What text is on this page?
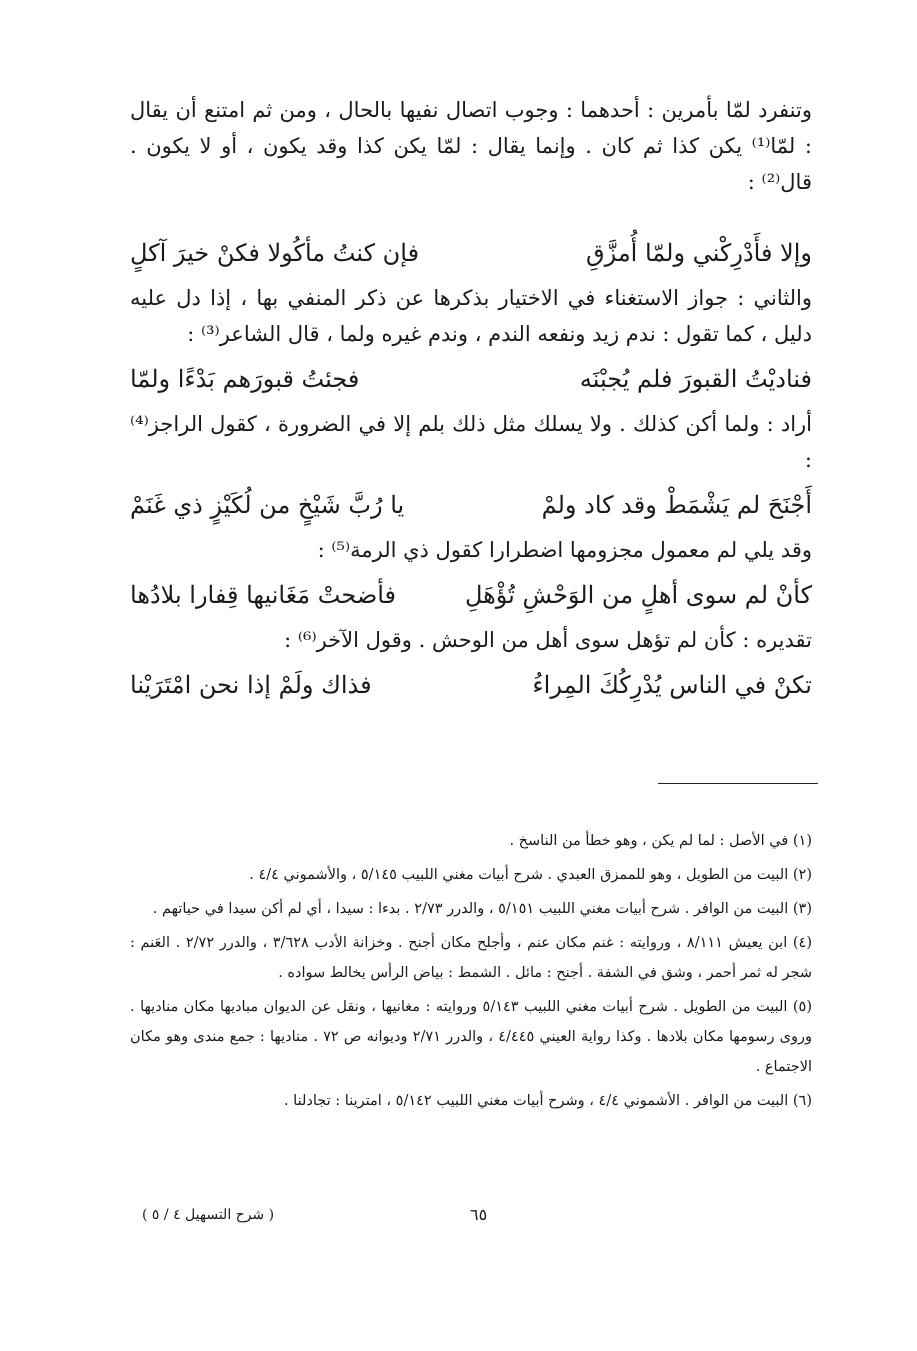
وتنفرد لمّا بأمرين : أحدهما : وجوب اتصال نفيها بالحال ، ومن ثم امتنع أن يقال : لمّا⁽¹⁾ يكن كذا ثم كان . وإنما يقال : لمّا يكن كذا وقد يكون ، أو لا يكون . قال⁽²⁾ :

فإن كنتُ مأكُولا فكنْ خيرَ آكلٍ	وإلا فأَدْرِكْني ولمّا أُمزَّقِ

والثاني : جواز الاستغناء في الاختيار بذكرها عن ذكر المنفي بها ، إذا دل عليه دليل ، كما تقول : ندم زيد ونفعه الندم ، وندم غيره ولما ، قال الشاعر⁽³⁾ :

فجئتُ قبورَهم بَدْءًا ولمّا	فناديْتُ القبورَ فلم يُجبْنَه

أراد : ولما أكن كذلك . ولا يسلك مثل ذلك بلم إلا في الضرورة ، كقول الراجز⁽⁴⁾ :

يا رُبَّ شَيْخٍ من لُكَيْزٍ ذي غَنَمْ	أَجْنَحَ لم يَشْمَطْ وقد كاد ولمْ

وقد يلي لم معمول مجزومها اضطرارا كقول ذي الرمة⁽⁵⁾ :

فأضحتْ مَغَانيها قِفارا بلادُها	كأنْ لم سوى أهلٍ من الوَحْشِ تُؤْهَلِ

تقديره : كأن لم تؤهل سوى أهل من الوحش . وقول الآخر⁽⁶⁾ :

فذاك ولَمْ إذا نحن امْتَرَيْنا	تكنْ في الناس يُدْرِكُكَ المِراءُ

(١) في الأصل : لما لم يكن ، وهو خطأ من الناسخ .

(٢) البيت من الطويل ، وهو للممزق العبدي . شرح أبيات مغني اللبيب ٥/١٤٥ ، والأشموني ٤/٤ .

(٣) البيت من الوافر . شرح أبيات مغني اللبيب ٥/١٥١ ، والدرر ٢/٧٣ . بدءا : سيدا ، أي لم أكن سيدا في حياتهم .

(٤) ابن يعيش ٨/١١١ ، وروايته : غنم مكان عنم ، وأجلح مكان أجنح . وخزانة الأدب ٣/٦٢٨ ، والدرر ٢/٧٢ . العَنم : شجر له ثمر أحمر ، وشق في الشفة . أجنح : مائل . الشمط : بياض الرأس يخالط سواده .

(٥) البيت من الطويل . شرح أبيات مغني اللبيب ٥/١٤٣ وروايته : مغانيها ، ونقل عن الديوان مباديها مكان مناديها . وروى رسومها مكان بلادها . وكذا رواية العيني ٤/٤٤٥ ، والدرر ٢/٧١ وديوانه ص ٧٢ . مناديها : جمع مندى وهو مكان الاجتماع .

(٦) البيت من الوافر . الأشموني ٤/٤ ، وشرح أبيات مغني اللبيب ٥/١٤٢ ، امترينا : تجادلنا .

٦٥
( شرح التسهيل ٤ / ٥ )
